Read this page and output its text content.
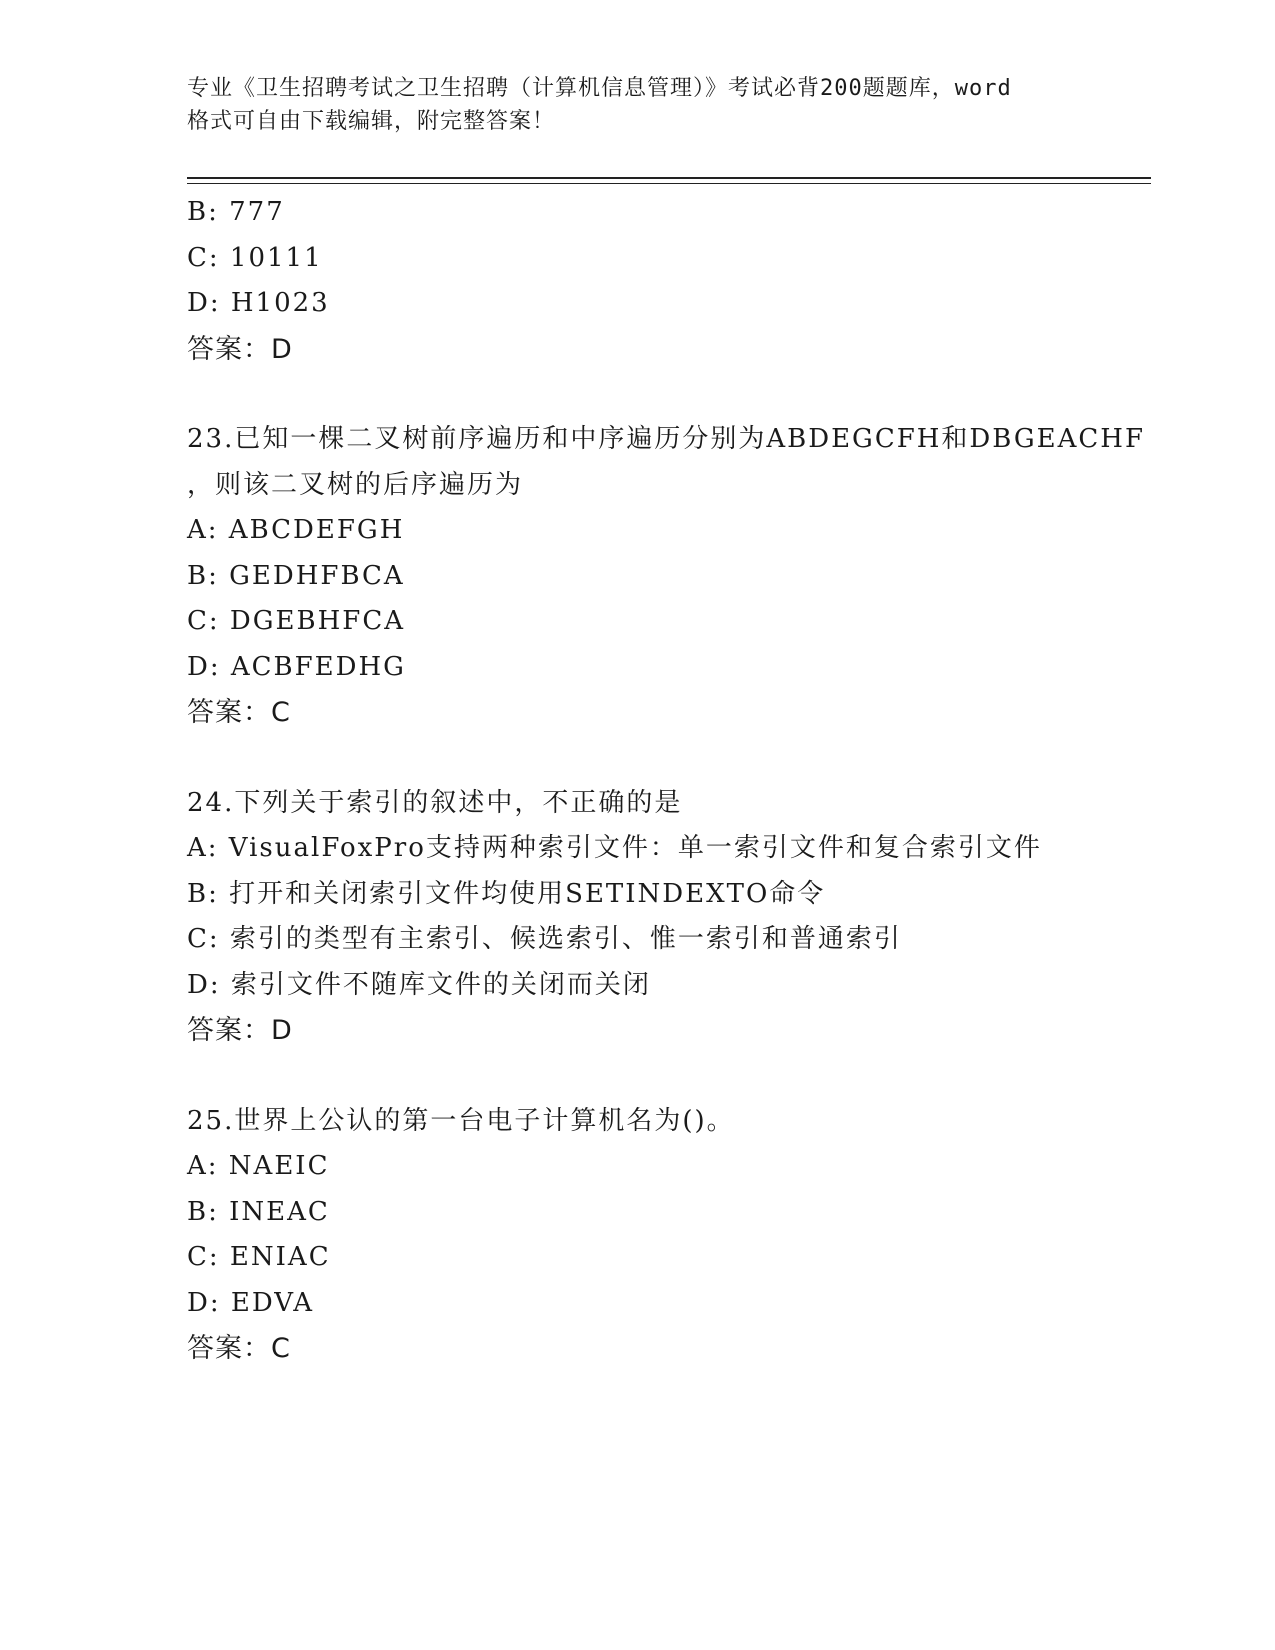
专业《卫生招聘考试之卫生招聘（计算机信息管理）》考试必背200题题库，word
格式可自由下载编辑，附完整答案！
B: 777
C: 10111
D: H1023
答案：D
23.已知一棵二叉树前序遍历和中序遍历分别为ABDEGCFH和DBGEACHF
，则该二叉树的后序遍历为
A: ABCDEFGH
B: GEDHFBCA
C: DGEBHFCA
D: ACBFEDHG
答案：C
24.下列关于索引的叙述中，不正确的是
A: VisualFoxPro支持两种索引文件：单一索引文件和复合索引文件
B: 打开和关闭索引文件均使用SETINDEXTO命令
C: 索引的类型有主索引、候选索引、惟一索引和普通索引
D: 索引文件不随库文件的关闭而关闭
答案：D
25.世界上公认的第一台电子计算机名为()。
A: NAEIC
B: INEAC
C: ENIAC
D: EDVA
答案：C
